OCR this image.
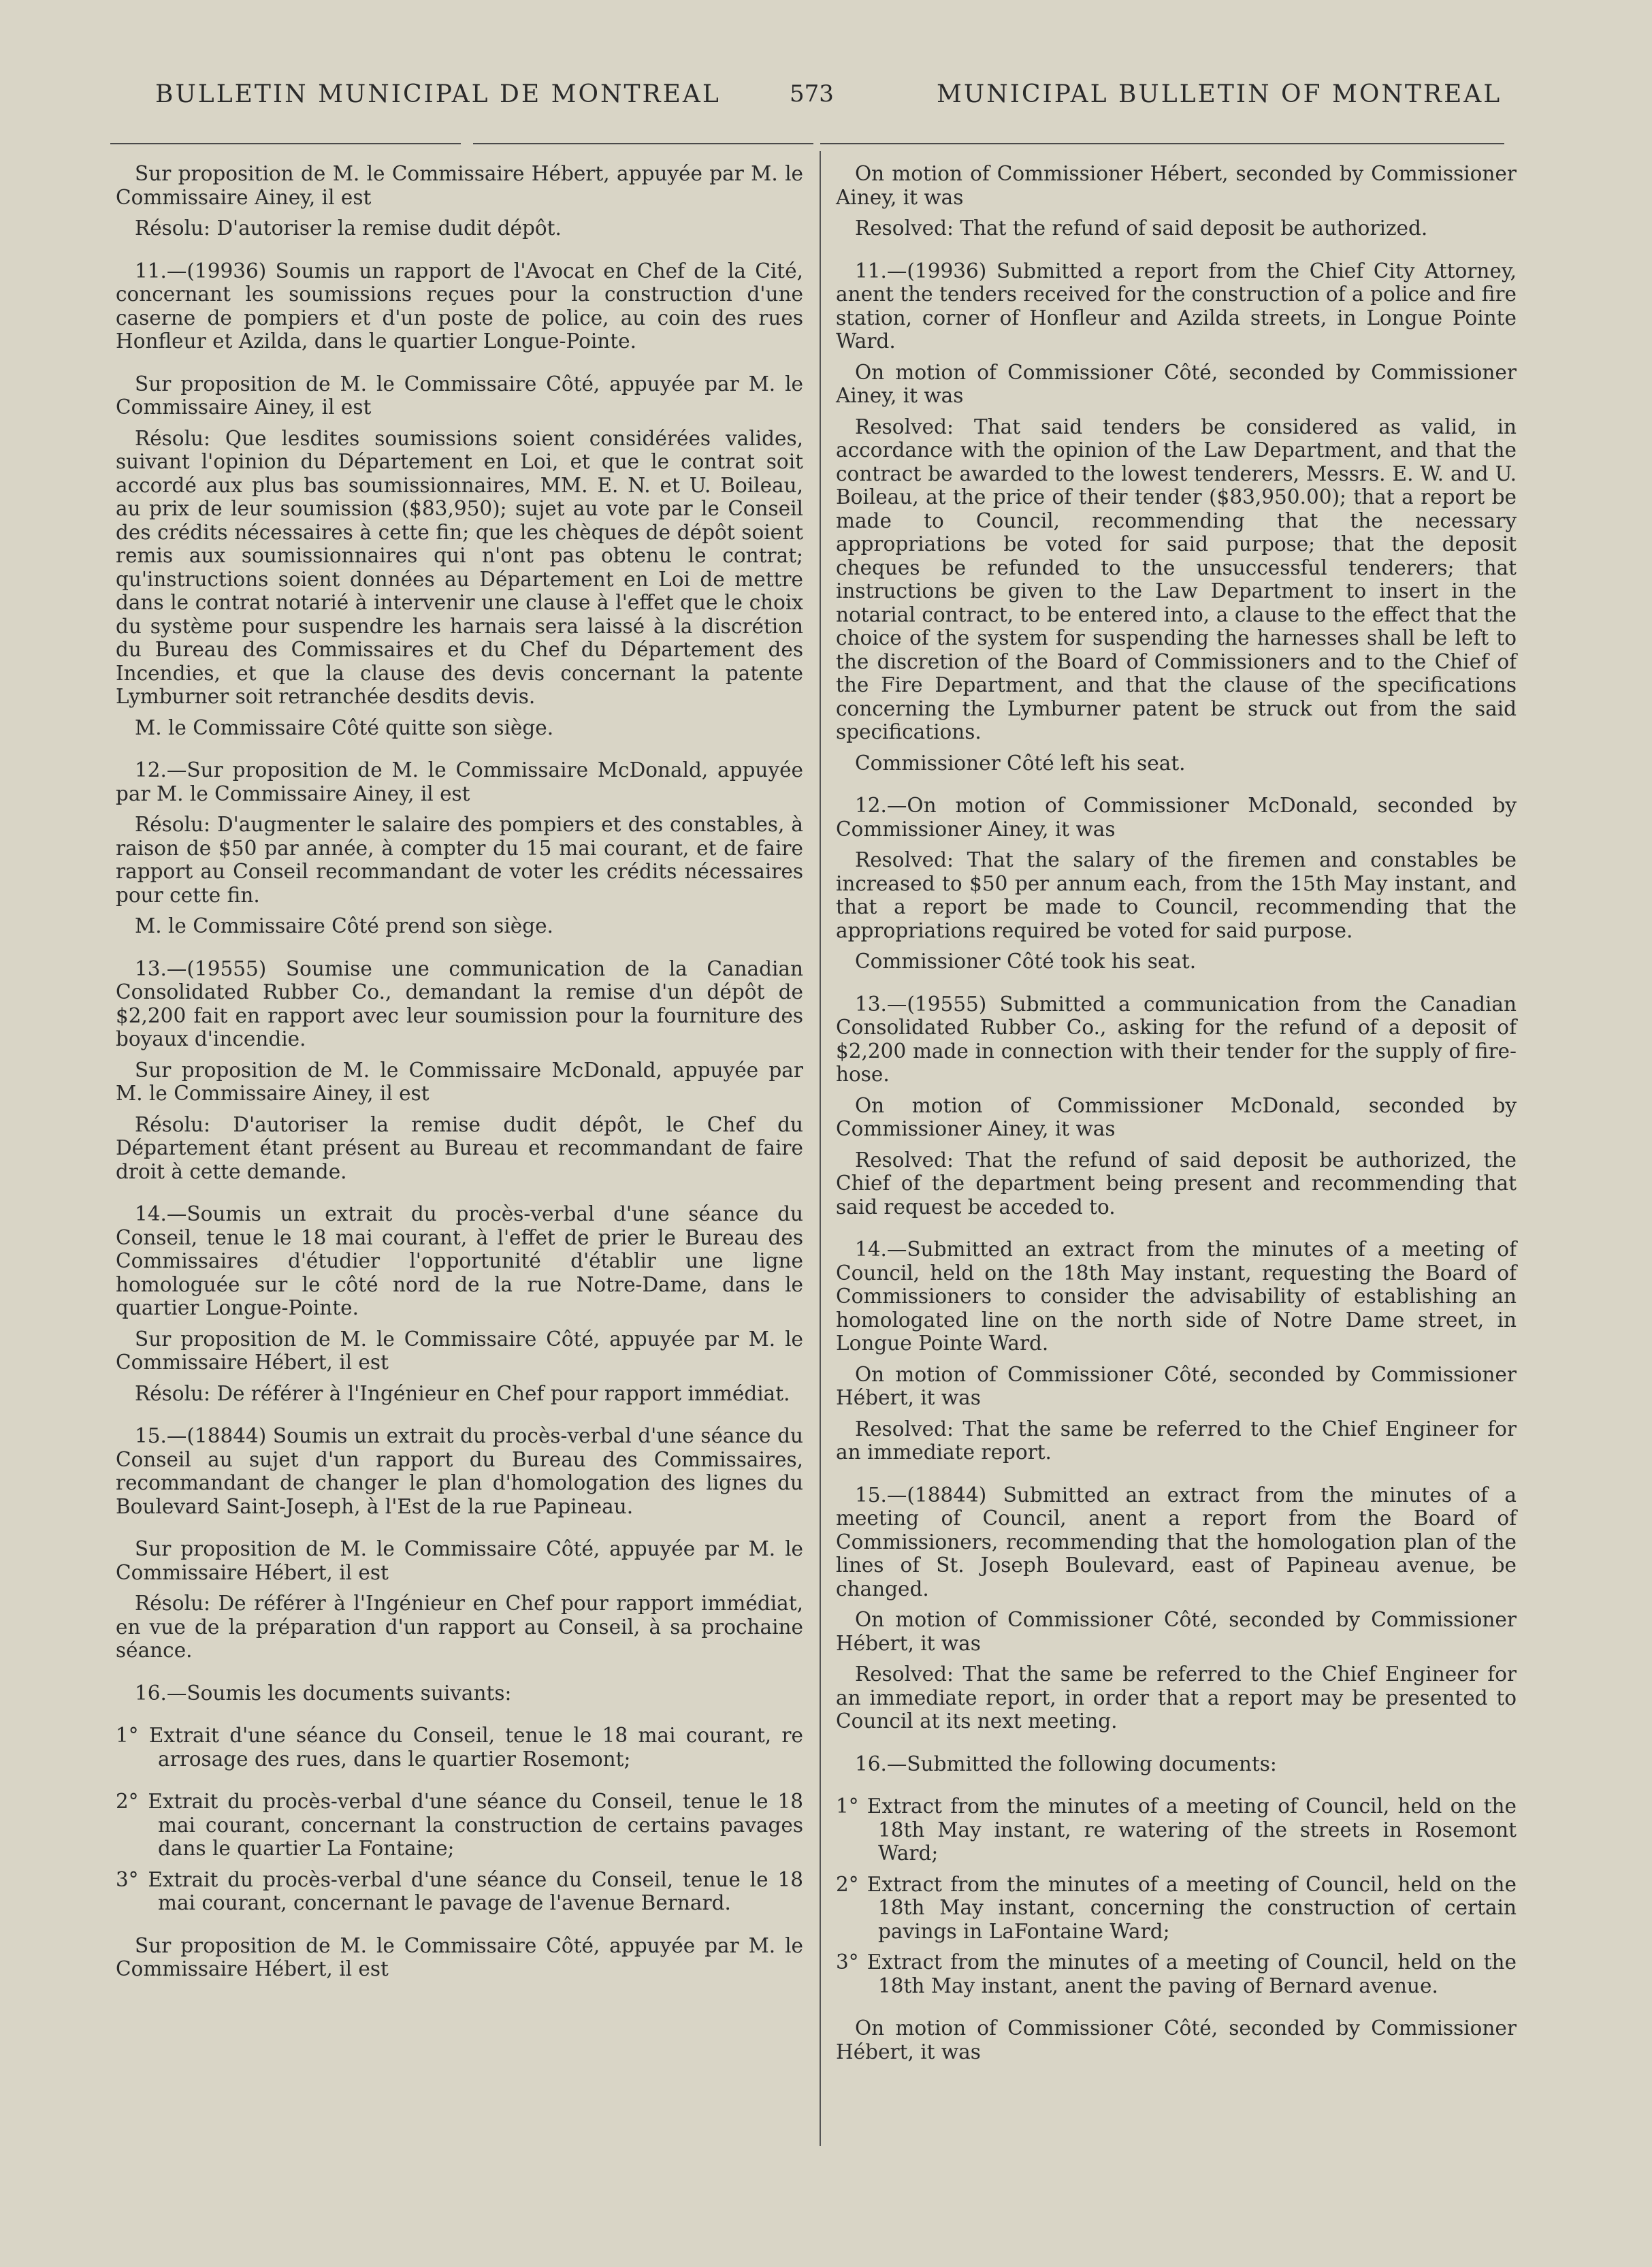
BULLETIN MUNICIPAL DE MONTREAL	573	MUNICIPAL BULLETIN OF MONTREAL

Sur proposition de M. le Commissaire Hébert, appuyée par M. le Commissaire Ainey, il est

Résolu: D'autoriser la remise dudit dépôt.

11.—(19936) Soumis un rapport de l'Avocat en Chef de la Cité, concernant les soumissions reçues pour la construction d'une caserne de pompiers et d'un poste de police, au coin des rues Honfleur et Azilda, dans le quartier Longue-Pointe.

Sur proposition de M. le Commissaire Côté, appuyée par M. le Commissaire Ainey, il est

Résolu: Que lesdites soumissions soient considérées valides, suivant l'opinion du Département en Loi, et que le contrat soit accordé aux plus bas soumissionnaires, MM. E. N. et U. Boileau, au prix de leur soumission ($83,950); sujet au vote par le Conseil des crédits nécessaires à cette fin; que les chèques de dépôt soient remis aux soumissionnaires qui n'ont pas obtenu le contrat; qu'instructions soient données au Département en Loi de mettre dans le contrat notarié à intervenir une clause à l'effet que le choix du système pour suspendre les harnais sera laissé à la discrétion du Bureau des Commissaires et du Chef du Département des Incendies, et que la clause des devis concernant la patente Lymburner soit retranchée desdits devis.

M. le Commissaire Côté quitte son siège.

12.—Sur proposition de M. le Commissaire McDonald, appuyée par M. le Commissaire Ainey, il est

Résolu: D'augmenter le salaire des pompiers et des constables, à raison de $50 par année, à compter du 15 mai courant, et de faire rapport au Conseil recommandant de voter les crédits nécessaires pour cette fin.

M. le Commissaire Côté prend son siège.

13.—(19555) Soumise une communication de la Canadian Consolidated Rubber Co., demandant la remise d'un dépôt de $2,200 fait en rapport avec leur soumission pour la fourniture des boyaux d'incendie.

Sur proposition de M. le Commissaire McDonald, appuyée par M. le Commissaire Ainey, il est

Résolu: D'autoriser la remise dudit dépôt, le Chef du Département étant présent au Bureau et recommandant de faire droit à cette demande.

14.—Soumis un extrait du procès-verbal d'une séance du Conseil, tenue le 18 mai courant, à l'effet de prier le Bureau des Commissaires d'étudier l'opportunité d'établir une ligne homologuée sur le côté nord de la rue Notre-Dame, dans le quartier Longue-Pointe.

Sur proposition de M. le Commissaire Côté, appuyée par M. le Commissaire Hébert, il est

Résolu: De référer à l'Ingénieur en Chef pour rapport immédiat.

15.—(18844) Soumis un extrait du procès-verbal d'une séance du Conseil au sujet d'un rapport du Bureau des Commissaires, recommandant de changer le plan d'homologation des lignes du Boulevard Saint-Joseph, à l'Est de la rue Papineau.

Sur proposition de M. le Commissaire Côté, appuyée par M. le Commissaire Hébert, il est

Résolu: De référer à l'Ingénieur en Chef pour rapport immédiat, en vue de la préparation d'un rapport au Conseil, à sa prochaine séance.

16.—Soumis les documents suivants:

1° Extrait d'une séance du Conseil, tenue le 18 mai courant, re arrosage des rues, dans le quartier Rosemont;

2° Extrait du procès-verbal d'une séance du Conseil, tenue le 18 mai courant, concernant la construction de certains pavages dans le quartier La Fontaine;

3° Extrait du procès-verbal d'une séance du Conseil, tenue le 18 mai courant, concernant le pavage de l'avenue Bernard.

Sur proposition de M. le Commissaire Côté, appuyée par M. le Commissaire Hébert, il est

On motion of Commissioner Hébert, seconded by Commissioner Ainey, it was

Resolved: That the refund of said deposit be authorized.

11.—(19936) Submitted a report from the Chief City Attorney, anent the tenders received for the construction of a police and fire station, corner of Honfleur and Azilda streets, in Longue Pointe Ward.

On motion of Commissioner Côté, seconded by Commissioner Ainey, it was

Resolved: That said tenders be considered as valid, in accordance with the opinion of the Law Department, and that the contract be awarded to the lowest tenderers, Messrs. E. W. and U. Boileau, at the price of their tender ($83,950.00); that a report be made to Council, recommending that the necessary appropriations be voted for said purpose; that the deposit cheques be refunded to the unsuccessful tenderers; that instructions be given to the Law Department to insert in the notarial contract, to be entered into, a clause to the effect that the choice of the system for suspending the harnesses shall be left to the discretion of the Board of Commissioners and to the Chief of the Fire Department, and that the clause of the specifications concerning the Lymburner patent be struck out from the said specifications.

Commissioner Côté left his seat.

12.—On motion of Commissioner McDonald, seconded by Commissioner Ainey, it was

Resolved: That the salary of the firemen and constables be increased to $50 per annum each, from the 15th May instant, and that a report be made to Council, recommending that the appropriations required be voted for said purpose.

Commissioner Côté took his seat.

13.—(19555) Submitted a communication from the Canadian Consolidated Rubber Co., asking for the refund of a deposit of $2,200 made in connection with their tender for the supply of fire-hose.

On motion of Commissioner McDonald, seconded by Commissioner Ainey, it was

Resolved: That the refund of said deposit be authorized, the Chief of the department being present and recommending that said request be acceded to.

14.—Submitted an extract from the minutes of a meeting of Council, held on the 18th May instant, requesting the Board of Commissioners to consider the advisability of establishing an homologated line on the north side of Notre Dame street, in Longue Pointe Ward.

On motion of Commissioner Côté, seconded by Commissioner Hébert, it was

Resolved: That the same be referred to the Chief Engineer for an immediate report.

15.—(18844) Submitted an extract from the minutes of a meeting of Council, anent a report from the Board of Commissioners, recommending that the homologation plan of the lines of St. Joseph Boulevard, east of Papineau avenue, be changed.

On motion of Commissioner Côté, seconded by Commissioner Hébert, it was

Resolved: That the same be referred to the Chief Engineer for an immediate report, in order that a report may be presented to Council at its next meeting.

16.—Submitted the following documents:

1° Extract from the minutes of a meeting of Council, held on the 18th May instant, re watering of the streets in Rosemont Ward;

2° Extract from the minutes of a meeting of Council, held on the 18th May instant, concerning the construction of certain pavings in LaFontaine Ward;

3° Extract from the minutes of a meeting of Council, held on the 18th May instant, anent the paving of Bernard avenue.

On motion of Commissioner Côté, seconded by Commissioner Hébert, it was
